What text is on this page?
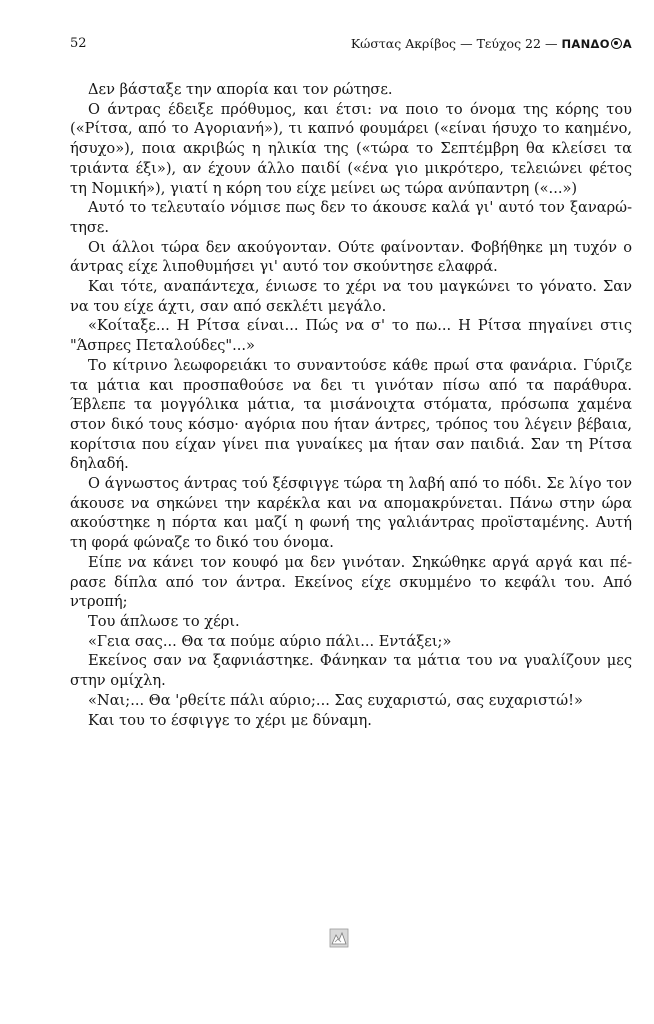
52	Κώστας Ακρίβος — Τεύχος 22 — ΠΑΝΔΟ Α

Δεν βάσταξε την απορία και τον ρώτησε.

Ο άντρας έδειξε πρόθυμος, και έτσι: να ποιο το όνομα της κόρης του («Ρίτσα, από το Αγοριανή»), τι καπνό φουμάρει («είναι ήσυχο το καημένο, ήσυχο»), ποια ακριβώς η ηλικία της («τώρα το Σεπτέμβρη θα κλείσει τα τριάντα έξι»), αν έχουν άλλο παιδί («ένα γιο μικρότερο, τελειώνει φέτος τη Νομική»), γιατί η κόρη του είχε μείνει ως τώρα ανύπαντρη («...»)

Αυτό το τελευταίο νόμισε πως δεν το άκουσε καλά γι' αυτό τον ξαναρώτησε.

Οι άλλοι τώρα δεν ακούγονταν. Ούτε φαίνονταν. Φοβήθηκε μη τυχόν ο άντρας είχε λιποθυμήσει γι' αυτό τον σκούντησε ελαφρά.

Και τότε, αναπάντεχα, ένιωσε το χέρι να του μαγκώνει το γόνατο. Σαν να του είχε άχτι, σαν από σεκλέτι μεγάλο.

«Κοίταξε... Η Ρίτσα είναι... Πώς να σ' το πω... Η Ρίτσα πηγαίνει στις "Άσπρες Πεταλούδες"...»

Το κίτρινο λεωφορειάκι το συναντούσε κάθε πρωί στα φανάρια. Γύριζε τα μάτια και προσπαθούσε να δει τι γινόταν πίσω από τα παράθυρα. Έβλεπε τα μογγόλικα μάτια, τα μισάνοιχτα στόματα, πρόσωπα χαμένα στον δικό τους κόσμο· αγόρια που ήταν άντρες, τρόπος του λέγειν βέβαια, κορίτσια που είχαν γίνει πια γυναίκες μα ήταν σαν παιδιά. Σαν τη Ρίτσα δηλαδή.

Ο άγνωστος άντρας τού ξέσφιγγε τώρα τη λαβή από το πόδι. Σε λίγο τον άκουσε να σηκώνει την καρέκλα και να απομακρύνεται. Πάνω στην ώρα ακούστηκε η πόρτα και μαζί η φωνή της γαλιάντρας προϊσταμένης. Αυτή τη φορά φώναζε το δικό του όνομα.

Είπε να κάνει τον κουφό μα δεν γινόταν. Σηκώθηκε αργά αργά και πέρασε δίπλα από τον άντρα. Εκείνος είχε σκυμμένο το κεφάλι του. Από ντροπή;

Του άπλωσε το χέρι.

«Γεια σας... Θα τα πούμε αύριο πάλι... Εντάξει;»

Εκείνος σαν να ξαφνιάστηκε. Φάνηκαν τα μάτια του να γυαλίζουν μες στην ομίχλη.

«Ναι;... Θα 'ρθείτε πάλι αύριο;... Σας ευχαριστώ, σας ευχαριστώ!»

Και του το έσφιγγε το χέρι με δύναμη.
